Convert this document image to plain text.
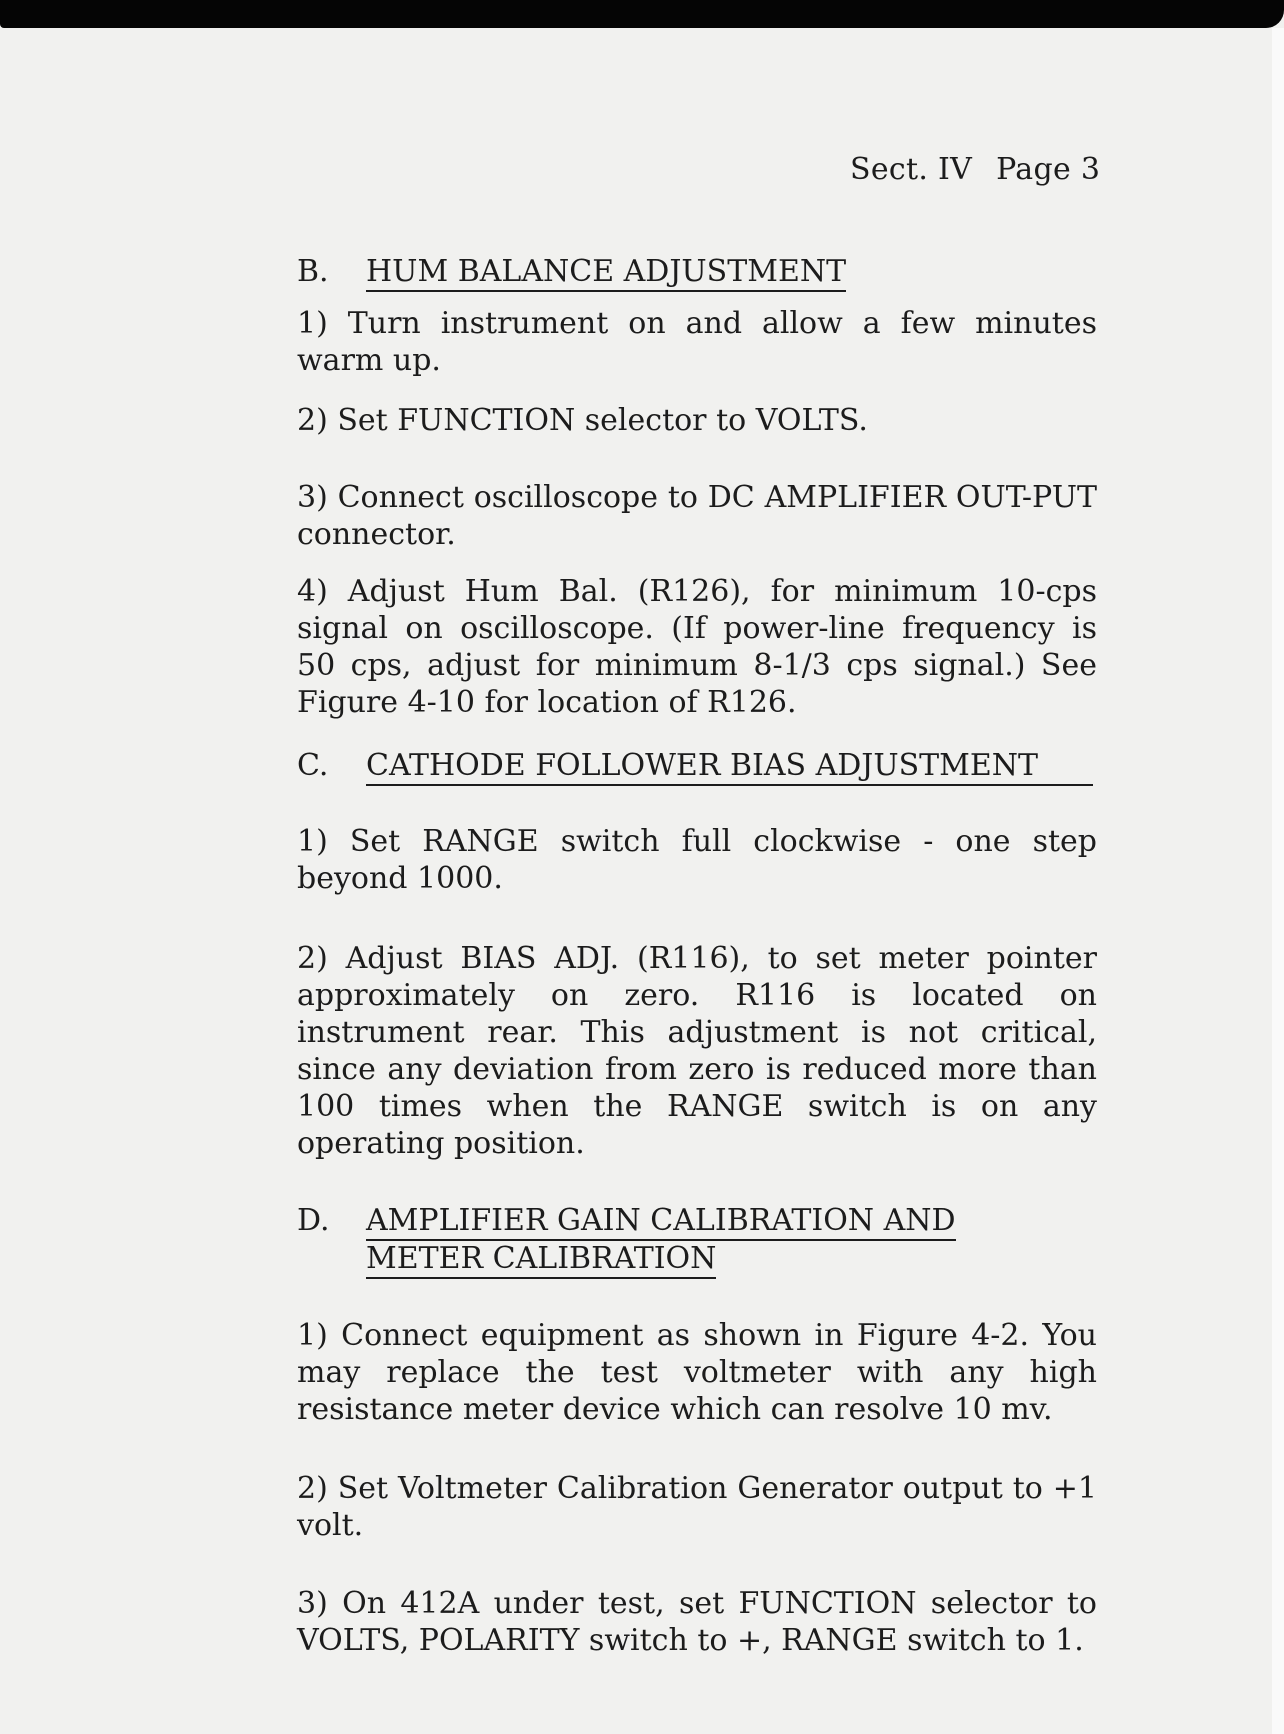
Sect. IV Page 3
B. HUM BALANCE ADJUSTMENT
1) Turn instrument on and allow a few minutes warm up.
2) Set FUNCTION selector to VOLTS.
3) Connect oscilloscope to DC AMPLIFIER OUT-PUT connector.
4) Adjust Hum Bal. (R126), for minimum 10-cps signal on oscilloscope. (If power-line frequency is 50 cps, adjust for minimum 8-1/3 cps signal.) See Figure 4-10 for location of R126.
C. CATHODE FOLLOWER BIAS ADJUSTMENT
1) Set RANGE switch full clockwise - one step beyond 1000.
2) Adjust BIAS ADJ. (R116), to set meter pointer approximately on zero. R116 is located on instrument rear. This adjustment is not critical, since any deviation from zero is reduced more than 100 times when the RANGE switch is on any operating position.
D. AMPLIFIER GAIN CALIBRATION AND
METER CALIBRATION
1) Connect equipment as shown in Figure 4-2. You may replace the test voltmeter with any high resistance meter device which can resolve 10 mv.
2) Set Voltmeter Calibration Generator output to +1 volt.
3) On 412A under test, set FUNCTION selector to VOLTS, POLARITY switch to +, RANGE switch to 1.
